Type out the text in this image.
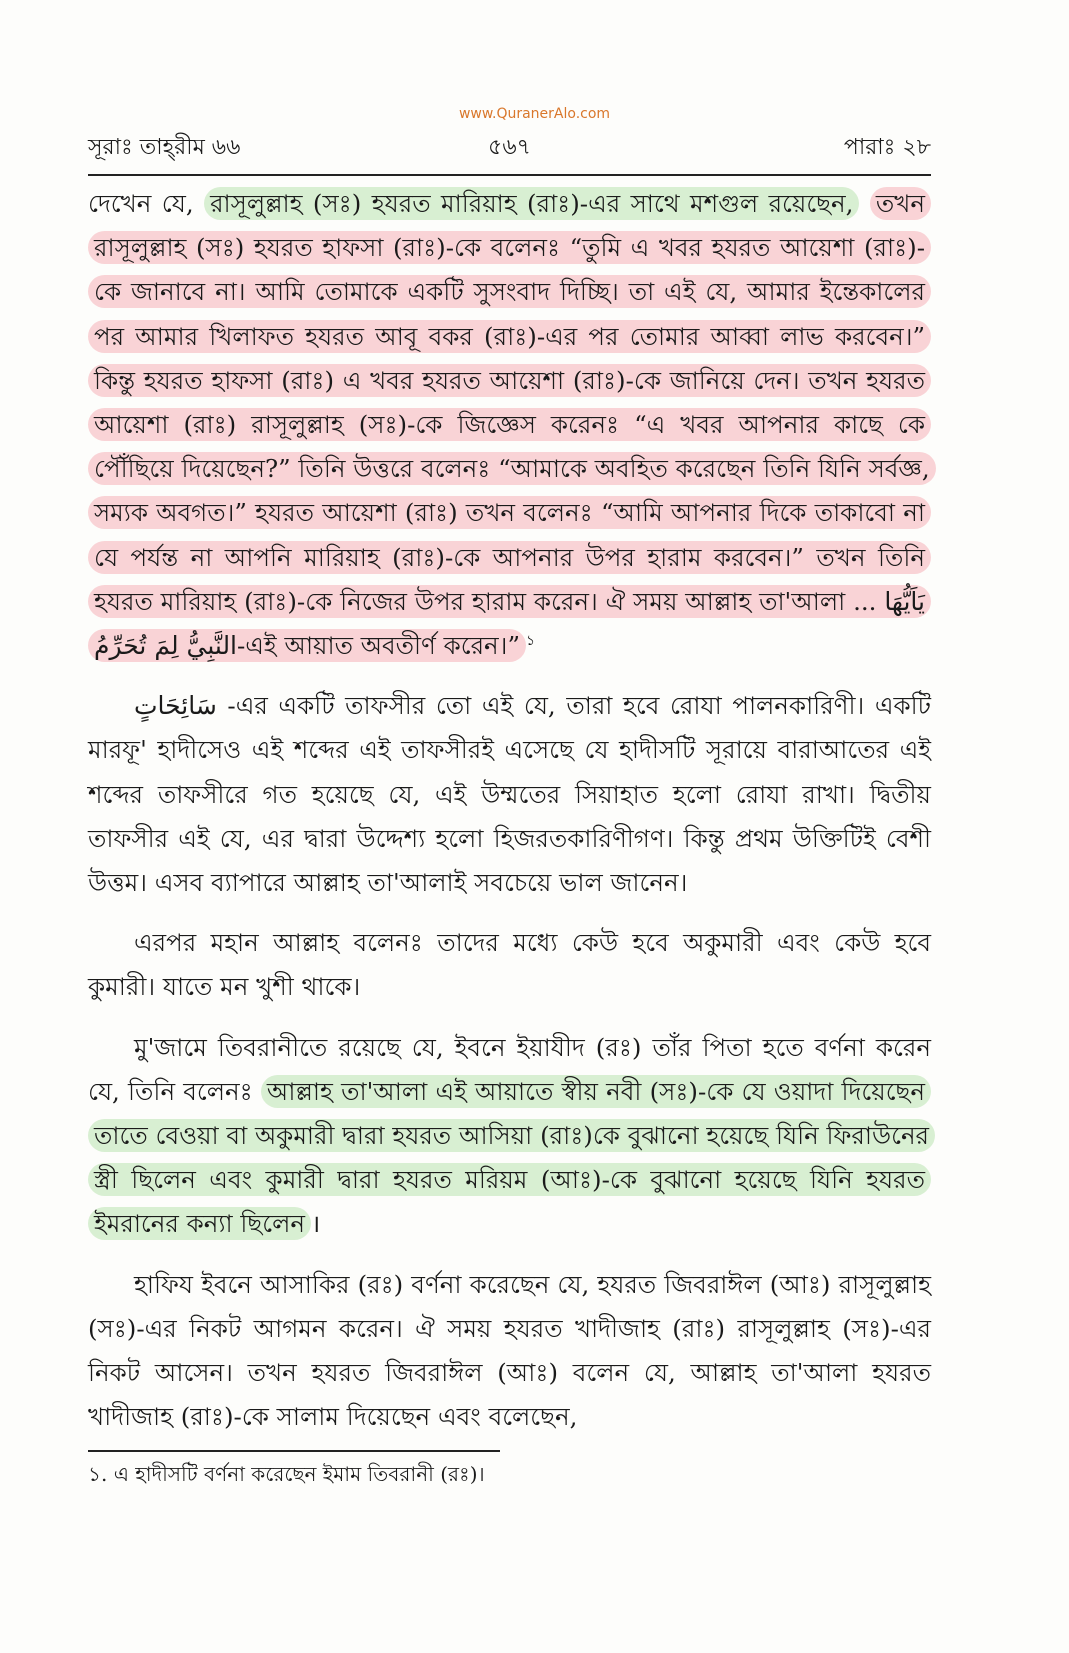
www.QuranerAlo.com
সূরাঃ তাহ্‌রীম ৬৬	৫৬৭	পারাঃ ২৮

দেখেন যে, রাসূলুল্লাহ (সঃ) হযরত মারিয়াহ (রাঃ)-এর সাথে মশগুল রয়েছেন, তখন রাসূলুল্লাহ (সঃ) হযরত হাফসা (রাঃ)-কে বলেনঃ “তুমি এ খবর হযরত আয়েশা (রাঃ)-কে জানাবে না। আমি তোমাকে একটি সুসংবাদ দিচ্ছি। তা এই যে, আমার ইন্তেকালের পর আমার খিলাফত হযরত আবূ বকর (রাঃ)-এর পর তোমার আব্বা লাভ করবেন।” কিন্তু হযরত হাফসা (রাঃ) এ খবর হযরত আয়েশা (রাঃ)-কে জানিয়ে দেন। তখন হযরত আয়েশা (রাঃ) রাসূলুল্লাহ (সঃ)-কে জিজ্ঞেস করেনঃ “এ খবর আপনার কাছে কে পৌঁছিয়ে দিয়েছেন?” তিনি উত্তরে বলেনঃ “আমাকে অবহিত করেছেন তিনি যিনি সর্বজ্ঞ, সম্যক অবগত।” হযরত আয়েশা (রাঃ) তখন বলেনঃ “আমি আপনার দিকে তাকাবো না যে পর্যন্ত না আপনি মারিয়াহ (রাঃ)-কে আপনার উপর হারাম করবেন।” তখন তিনি হযরত মারিয়াহ (রাঃ)-কে নিজের উপর হারাম করেন। ঐ সময় আল্লাহ তা'আলা ... يَاَيُّهَا النَّبِيُّ لِمَ تُحَرِّمُ-এই আয়াত অবতীর্ণ করেন।” $^১$

سَائِحَاتٍ -এর একটি তাফসীর তো এই যে, তারা হবে রোযা পালনকারিণী। একটি মারফূ' হাদীসেও এই শব্দের এই তাফসীরই এসেছে যে হাদীসটি সূরায়ে বারাআতের এই শব্দের তাফসীরে গত হয়েছে যে, এই উম্মতের সিয়াহাত হলো রোযা রাখা। দ্বিতীয় তাফসীর এই যে, এর দ্বারা উদ্দেশ্য হলো হিজরতকারিণীগণ। কিন্তু প্রথম উক্তিটিই বেশী উত্তম। এসব ব্যাপারে আল্লাহ তা'আলাই সবচেয়ে ভাল জানেন।

এরপর মহান আল্লাহ বলেনঃ তাদের মধ্যে কেউ হবে অকুমারী এবং কেউ হবে কুমারী। যাতে মন খুশী থাকে।

মু'জামে তিবরানীতে রয়েছে যে, ইবনে ইয়াযীদ (রঃ) তাঁর পিতা হতে বর্ণনা করেন যে, তিনি বলেনঃ আল্লাহ তা'আলা এই আয়াতে স্বীয় নবী (সঃ)-কে যে ওয়াদা দিয়েছেন তাতে বেওয়া বা অকুমারী দ্বারা হযরত আসিয়া (রাঃ)কে বুঝানো হয়েছে যিনি ফিরাউনের স্ত্রী ছিলেন এবং কুমারী দ্বারা হযরত মরিয়ম (আঃ)-কে বুঝানো হয়েছে যিনি হযরত ইমরানের কন্যা ছিলেন ।

হাফিয ইবনে আসাকির (রঃ) বর্ণনা করেছেন যে, হযরত জিবরাঈল (আঃ) রাসূলুল্লাহ (সঃ)-এর নিকট আগমন করেন। ঐ সময় হযরত খাদীজাহ (রাঃ) রাসূলুল্লাহ (সঃ)-এর নিকট আসেন। তখন হযরত জিবরাঈল (আঃ) বলেন যে, আল্লাহ তা'আলা হযরত খাদীজাহ (রাঃ)-কে সালাম দিয়েছেন এবং বলেছেন,

১. এ হাদীসটি বর্ণনা করেছেন ইমাম তিবরানী (রঃ)।
